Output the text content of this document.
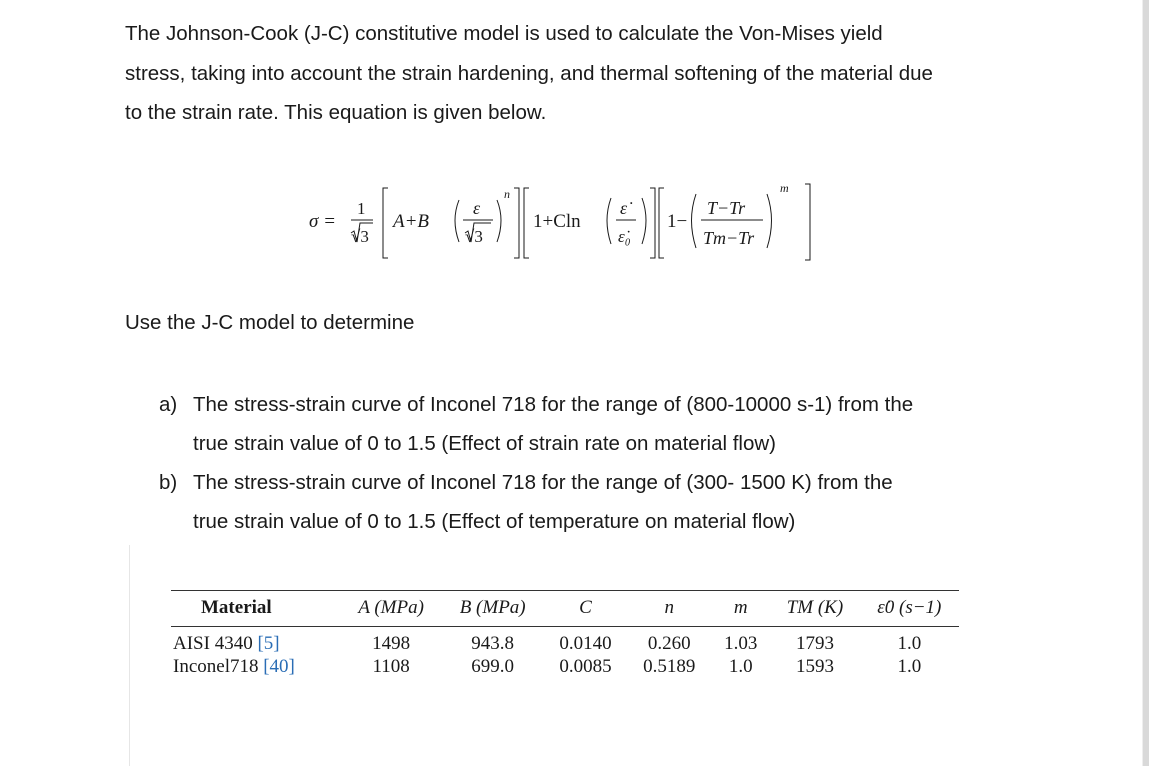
The Johnson-Cook (J-C) constitutive model is used to calculate the Von-Mises yield
stress, taking into account the strain hardening, and thermal softening of the material due
to the strain rate. This equation is given below.
σ =
1
√3
A+B
ε
√3
n
1+Cln
ε̇
ε̇₀
1−
T−Tr
Tm−Tr
m

Use the J-C model to determine

a) The stress-strain curve of Inconel 718 for the range of (800-10000 s-1) from the
true strain value of 0 to 1.5 (Effect of strain rate on material flow)
b) The stress-strain curve of Inconel 718 for the range of (300- 1500 K) from the
true strain value of 0 to 1.5 (Effect of temperature on material flow)
Material	A (MPa)	B (MPa)	C	n	m	TM (K)	ε̇0 (s−1)
AISI 4340 [5]	1498	943.8	0.0140	0.260	1.03	1793	1.0
Inconel718 [40]	1108	699.0	0.0085	0.5189	1.0	1593	1.0
